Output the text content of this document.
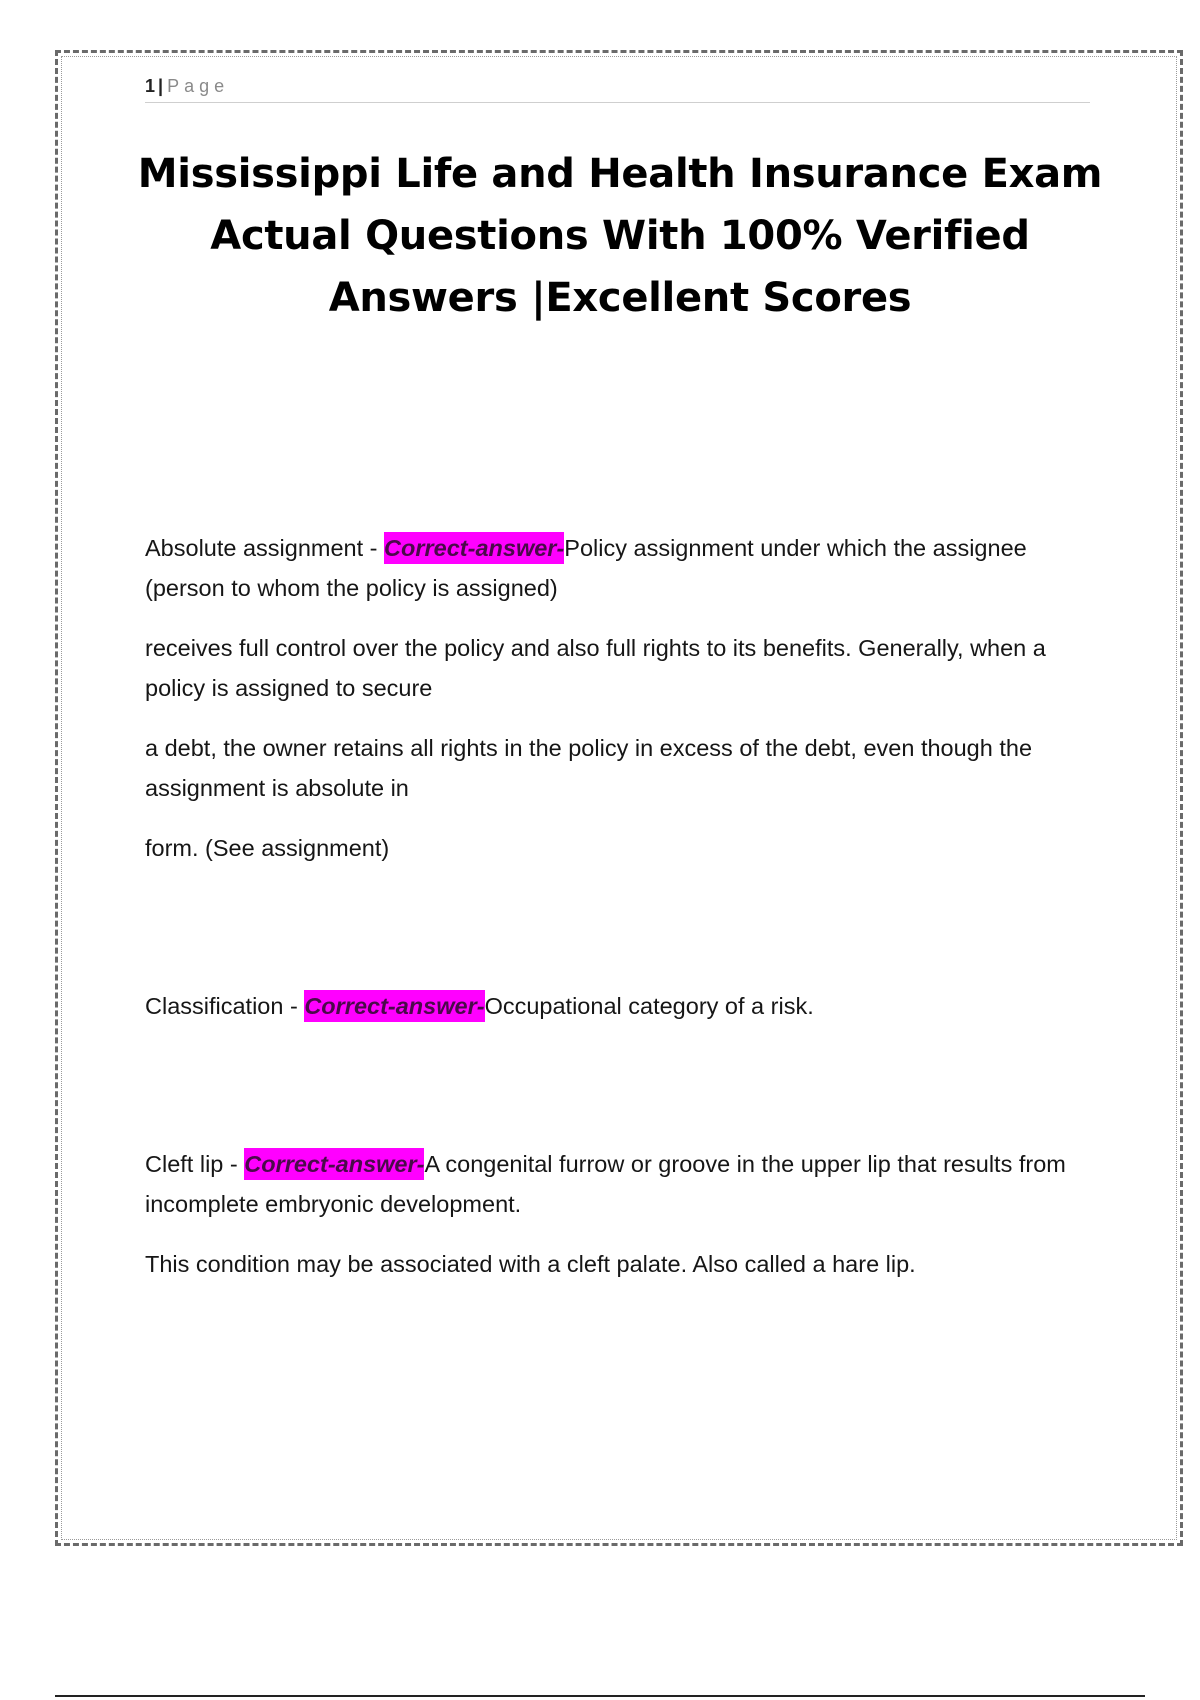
1 | Page
Mississippi Life and Health Insurance Exam Actual Questions With 100% Verified Answers |Excellent Scores

Absolute assignment - Correct-answer-Policy assignment under which the assignee (person to whom the policy is assigned)

receives full control over the policy and also full rights to its benefits. Generally, when a policy is assigned to secure

a debt, the owner retains all rights in the policy in excess of the debt, even though the assignment is absolute in

form. (See assignment)

Classification - Correct-answer-Occupational category of a risk.

Cleft lip - Correct-answer-A congenital furrow or groove in the upper lip that results from incomplete embryonic development.

This condition may be associated with a cleft palate. Also called a hare lip.
